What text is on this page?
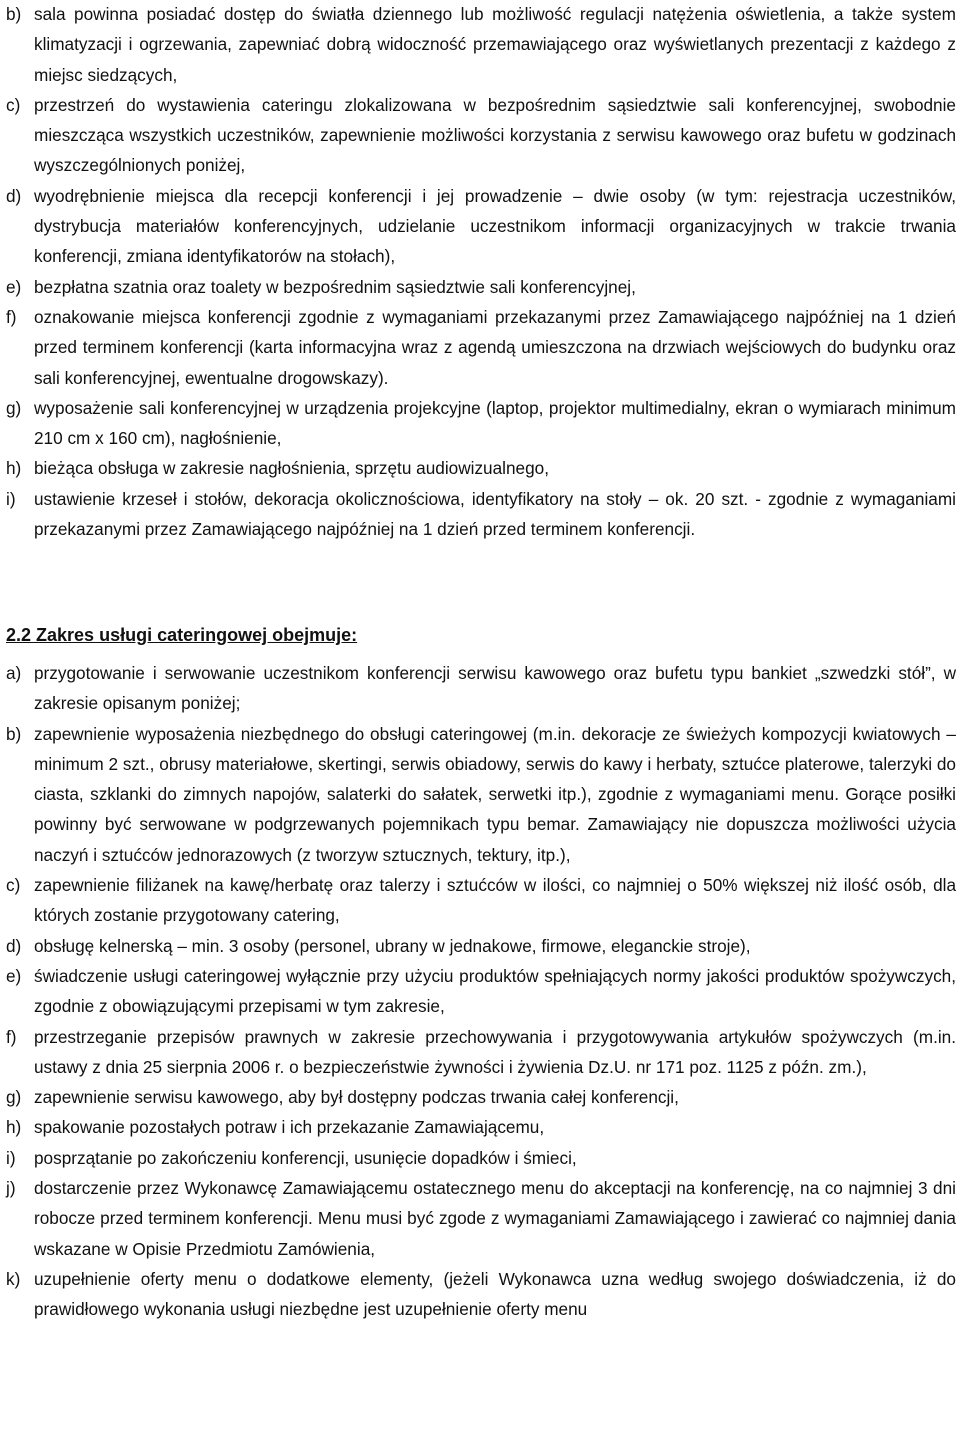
b) sala powinna posiadać dostęp do światła dziennego lub możliwość regulacji natężenia oświetlenia, a także system klimatyzacji i ogrzewania, zapewniać dobrą widoczność przemawiającego oraz wyświetlanych prezentacji z każdego z miejsc siedzących,
c) przestrzeń do wystawienia cateringu zlokalizowana w bezpośrednim sąsiedztwie sali konferencyjnej, swobodnie mieszcząca wszystkich uczestników, zapewnienie możliwości korzystania z serwisu kawowego oraz bufetu w godzinach wyszczególnionych poniżej,
d) wyodrębnienie miejsca dla recepcji konferencji i jej prowadzenie – dwie osoby (w tym: rejestracja uczestników, dystrybucja materiałów konferencyjnych, udzielanie uczestnikom informacji organizacyjnych w trakcie trwania konferencji, zmiana identyfikatorów na stołach),
e) bezpłatna szatnia oraz toalety w bezpośrednim sąsiedztwie sali konferencyjnej,
f) oznakowanie miejsca konferencji zgodnie z wymaganiami przekazanymi przez Zamawiającego najpóźniej na 1 dzień przed terminem konferencji (karta informacyjna wraz z agendą umieszczona na drzwiach wejściowych do budynku oraz sali konferencyjnej, ewentualne drogowskazy).
g) wyposażenie sali konferencyjnej w urządzenia projekcyjne (laptop, projektor multimedialny, ekran o wymiarach minimum 210 cm x 160 cm), nagłośnienie,
h) bieżąca obsługa w zakresie nagłośnienia, sprzętu audiowizualnego,
i) ustawienie krzeseł i stołów, dekoracja okolicznościowa, identyfikatory na stoły – ok. 20 szt. - zgodnie z wymaganiami przekazanymi przez Zamawiającego najpóźniej na 1 dzień przed terminem konferencji.
2.2 Zakres usługi cateringowej obejmuje:
a) przygotowanie i serwowanie uczestnikom konferencji serwisu kawowego oraz bufetu typu bankiet „szwedzki stół”, w zakresie opisanym poniżej;
b) zapewnienie wyposażenia niezbędnego do obsługi cateringowej (m.in. dekoracje ze świeżych kompozycji kwiatowych – minimum 2 szt., obrusy materiałowe, skertingi, serwis obiadowy, serwis do kawy i herbaty, sztućce platerowe, talerzyki do ciasta, szklanki do zimnych napojów, salaterki do sałatek, serwetki itp.), zgodnie z wymaganiami menu. Gorące posiłki powinny być serwowane w podgrzewanych pojemnikach typu bemar. Zamawiający nie dopuszcza możliwości użycia naczyń i sztućców jednorazowych (z tworzyw sztucznych, tektury, itp.),
c) zapewnienie filiżanek na kawę/herbatę oraz talerzy i sztućców w ilości, co najmniej o 50% większej niż ilość osób, dla których zostanie przygotowany catering,
d) obsługę kelnerską – min. 3 osoby (personel, ubrany w jednakowe, firmowe, eleganckie stroje),
e) świadczenie usługi cateringowej wyłącznie przy użyciu produktów spełniających normy jakości produktów spożywczych, zgodnie z obowiązującymi przepisami w tym zakresie,
f) przestrzeganie przepisów prawnych w zakresie przechowywania i przygotowywania artykułów spożywczych (m.in. ustawy z dnia 25 sierpnia 2006 r. o bezpieczeństwie żywności i żywienia Dz.U. nr 171 poz. 1125 z późn. zm.),
g) zapewnienie serwisu kawowego, aby był dostępny podczas trwania całej konferencji,
h) spakowanie pozostałych potraw i ich przekazanie Zamawiającemu,
i) posprzątanie po zakończeniu konferencji, usunięcie dopadków i śmieci,
j) dostarczenie przez Wykonawcę Zamawiającemu ostatecznego menu do akceptacji na konferencję, na co najmniej 3 dni robocze przed terminem konferencji. Menu musi być zgode z wymaganiami Zamawiającego i zawierać co najmniej dania wskazane w Opisie Przedmiotu Zamówienia,
k) uzupełnienie oferty menu o dodatkowe elementy, (jeżeli Wykonawca uzna według swojego doświadczenia, iż do prawidłowego wykonania usługi niezbędne jest uzupełnienie oferty menu
